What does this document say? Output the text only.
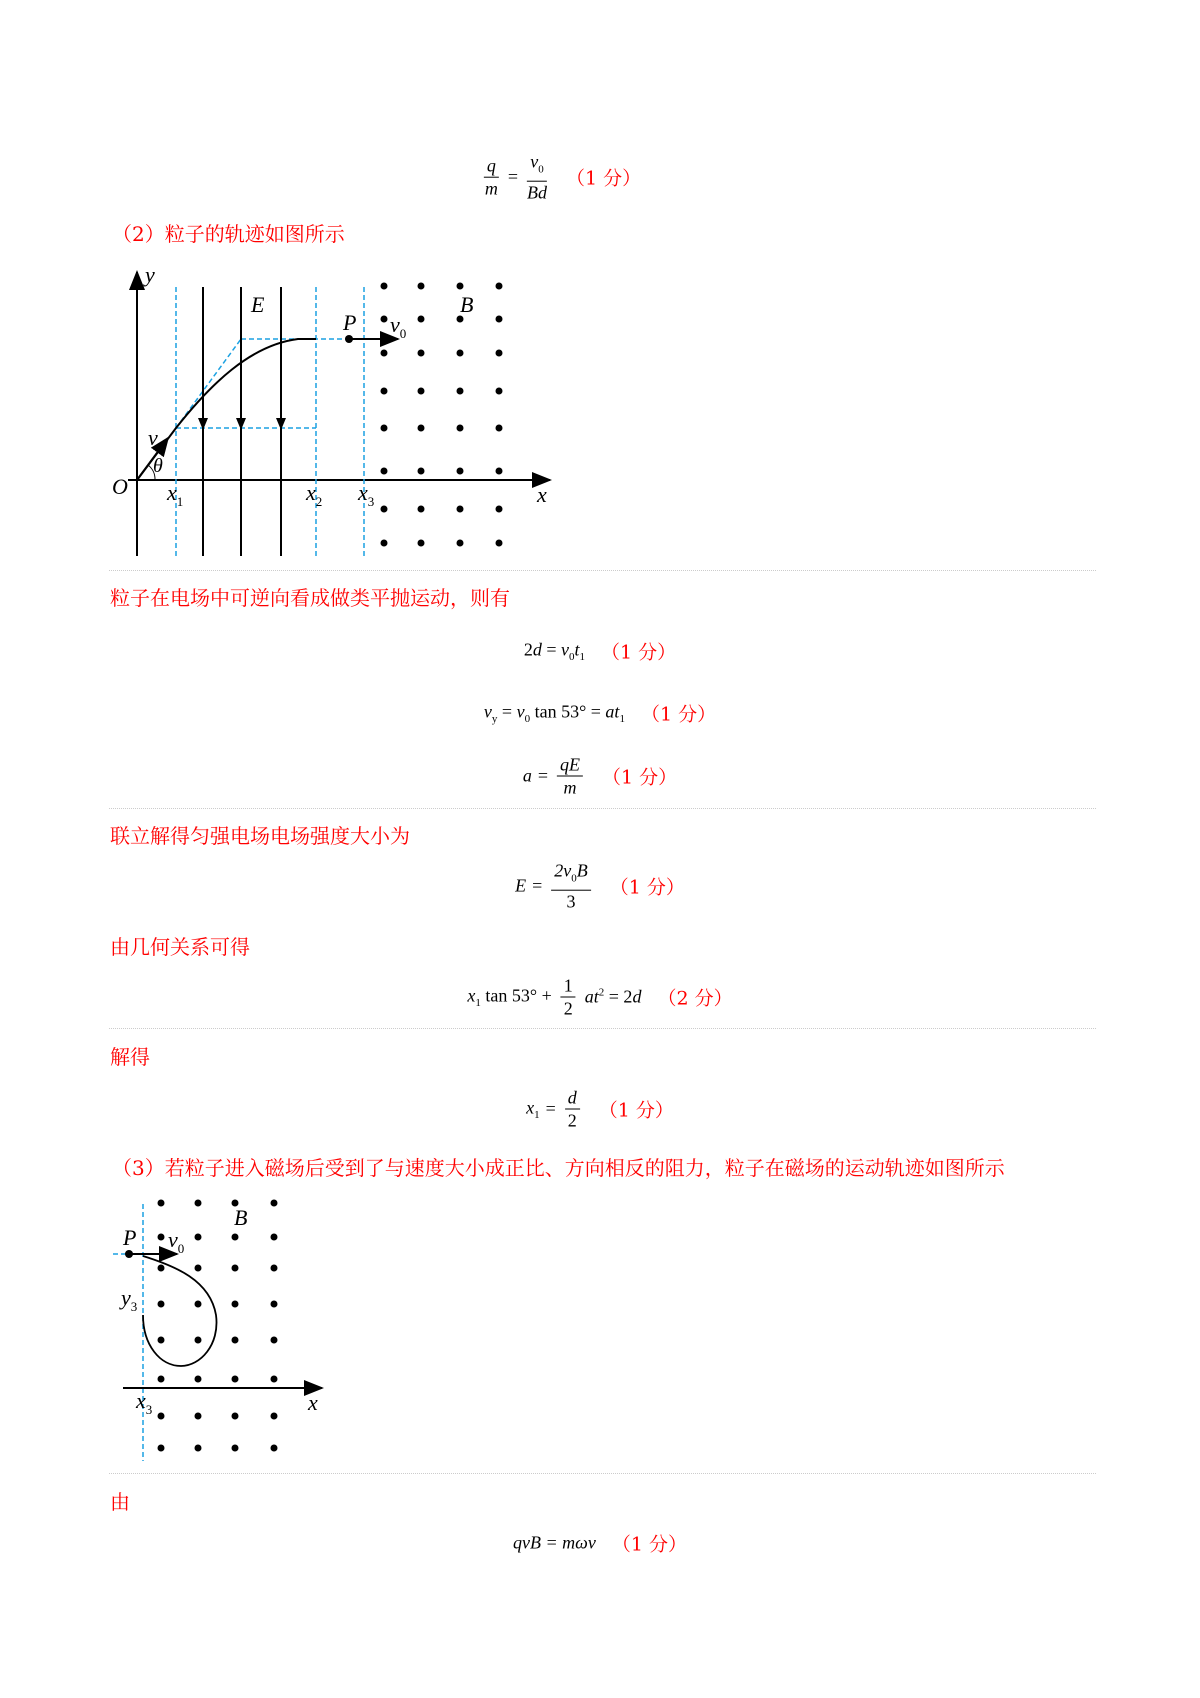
$\frac{q}{m} = \frac{v_0}{Bd} (1$ 分）
（2）粒子的轨迹如图所示
y
O	x
E	B
P $v_0$
v
θ
$x_1$	$x_2$ $x_3$
粒子在电场中可逆向看成做类平抛运动，则有
$2d = v_0t_1$ （1 分）
$v_y = v_0$ $\tan 53^\circ = at_1$ （1 分）
$a = \frac{qE}{m} (1$ 分）
联立解得匀强电场电场强度大小为
$E = \frac{2v_0B}{3} (1$ 分）
由几何关系可得
$x_1$ $\tan 53^\circ + \frac{1}{2} at^2 = 2d$ （2 分）
解得
$x_1 = \frac{d}{2} (1$ 分）
（3）若粒子进入磁场后受到了与速度大小成正比、方向相反的阻力，粒子在磁场的运动轨迹如图所示
P $v_0$
B
$y_3$
$x_3$	x
由
qvB = mωv （1 分）
